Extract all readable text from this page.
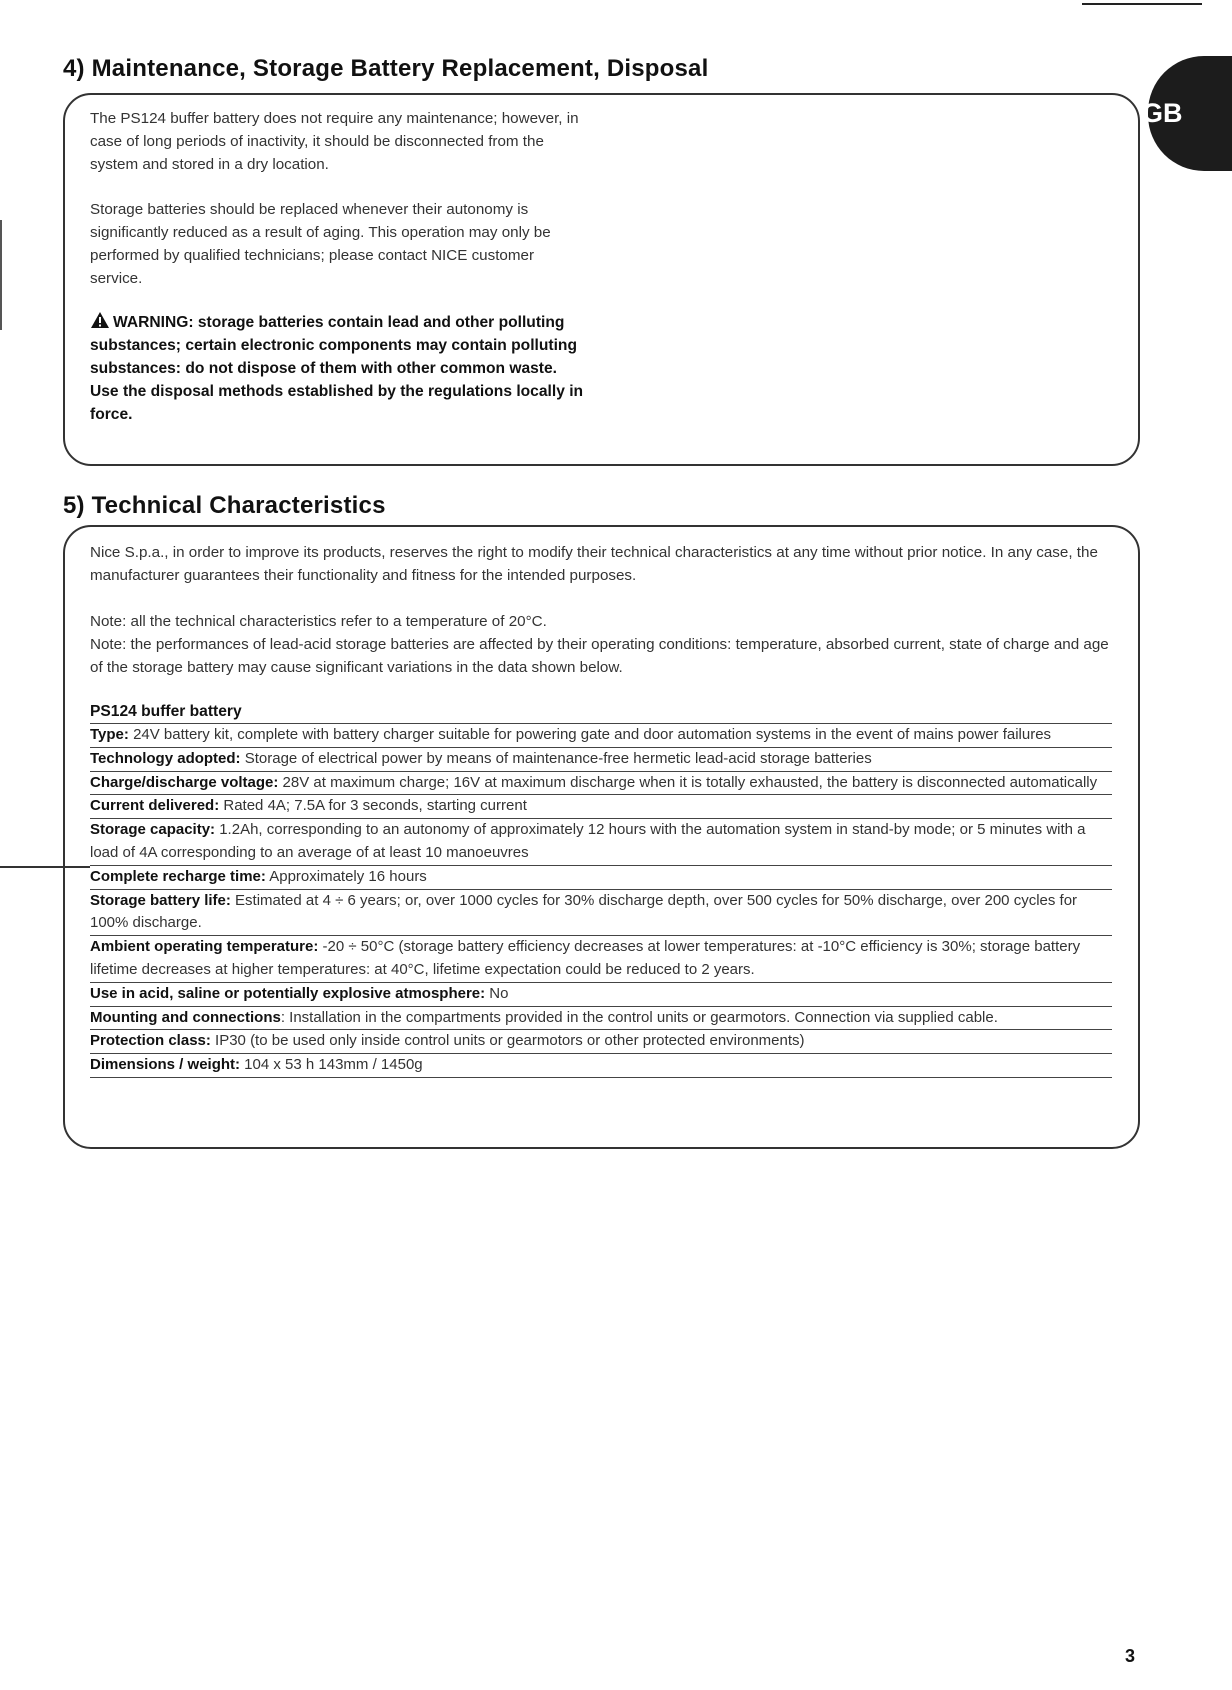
4) Maintenance, Storage Battery Replacement, Disposal
GB

The PS124 buffer battery does not require any maintenance; however, in case of long periods of inactivity, it should be disconnected from the system and stored in a dry location.

Storage batteries should be replaced whenever their autonomy is significantly reduced as a result of aging. This operation may only be performed by qualified technicians; please contact NICE customer service.

WARNING: storage batteries contain lead and other polluting substances; certain electronic components may contain polluting substances: do not dispose of them with other common waste. Use the disposal methods established by the regulations locally in force.

5) Technical Characteristics

Nice S.p.a., in order to improve its products, reserves the right to modify their technical characteristics at any time without prior notice. In any case, the manufacturer guarantees their functionality and fitness for the intended purposes.

Note: all the technical characteristics refer to a temperature of 20°C.

Note: the performances of lead-acid storage batteries are affected by their operating conditions: temperature, absorbed current, state of charge and age of the storage battery may cause significant variations in the data shown below.

PS124 buffer battery
Type: 24V battery kit, complete with battery charger suitable for powering gate and door automation systems in the event of mains power failures
Technology adopted: Storage of electrical power by means of maintenance-free hermetic lead-acid storage batteries
Charge/discharge voltage: 28V at maximum charge; 16V at maximum discharge when it is totally exhausted, the battery is disconnected automatically
Current delivered: Rated 4A; 7.5A for 3 seconds, starting current
Storage capacity: 1.2Ah, corresponding to an autonomy of approximately 12 hours with the automation system in stand-by mode; or 5 minutes with a load of 4A corresponding to an average of at least 10 manoeuvres
Complete recharge time: Approximately 16 hours
Storage battery life: Estimated at 4 ÷ 6 years; or, over 1000 cycles for 30% discharge depth, over 500 cycles for 50% discharge, over 200 cycles for 100% discharge.
Ambient operating temperature: -20 ÷ 50°C (storage battery efficiency decreases at lower temperatures: at -10°C efficiency is 30%; storage battery lifetime decreases at higher temperatures: at 40°C, lifetime expectation could be reduced to 2 years.
Use in acid, saline or potentially explosive atmosphere: No
Mounting and connections: Installation in the compartments provided in the control units or gearmotors. Connection via supplied cable.
Protection class: IP30 (to be used only inside control units or gearmotors or other protected environments)
Dimensions / weight: 104 x 53 h 143mm / 1450g
3
